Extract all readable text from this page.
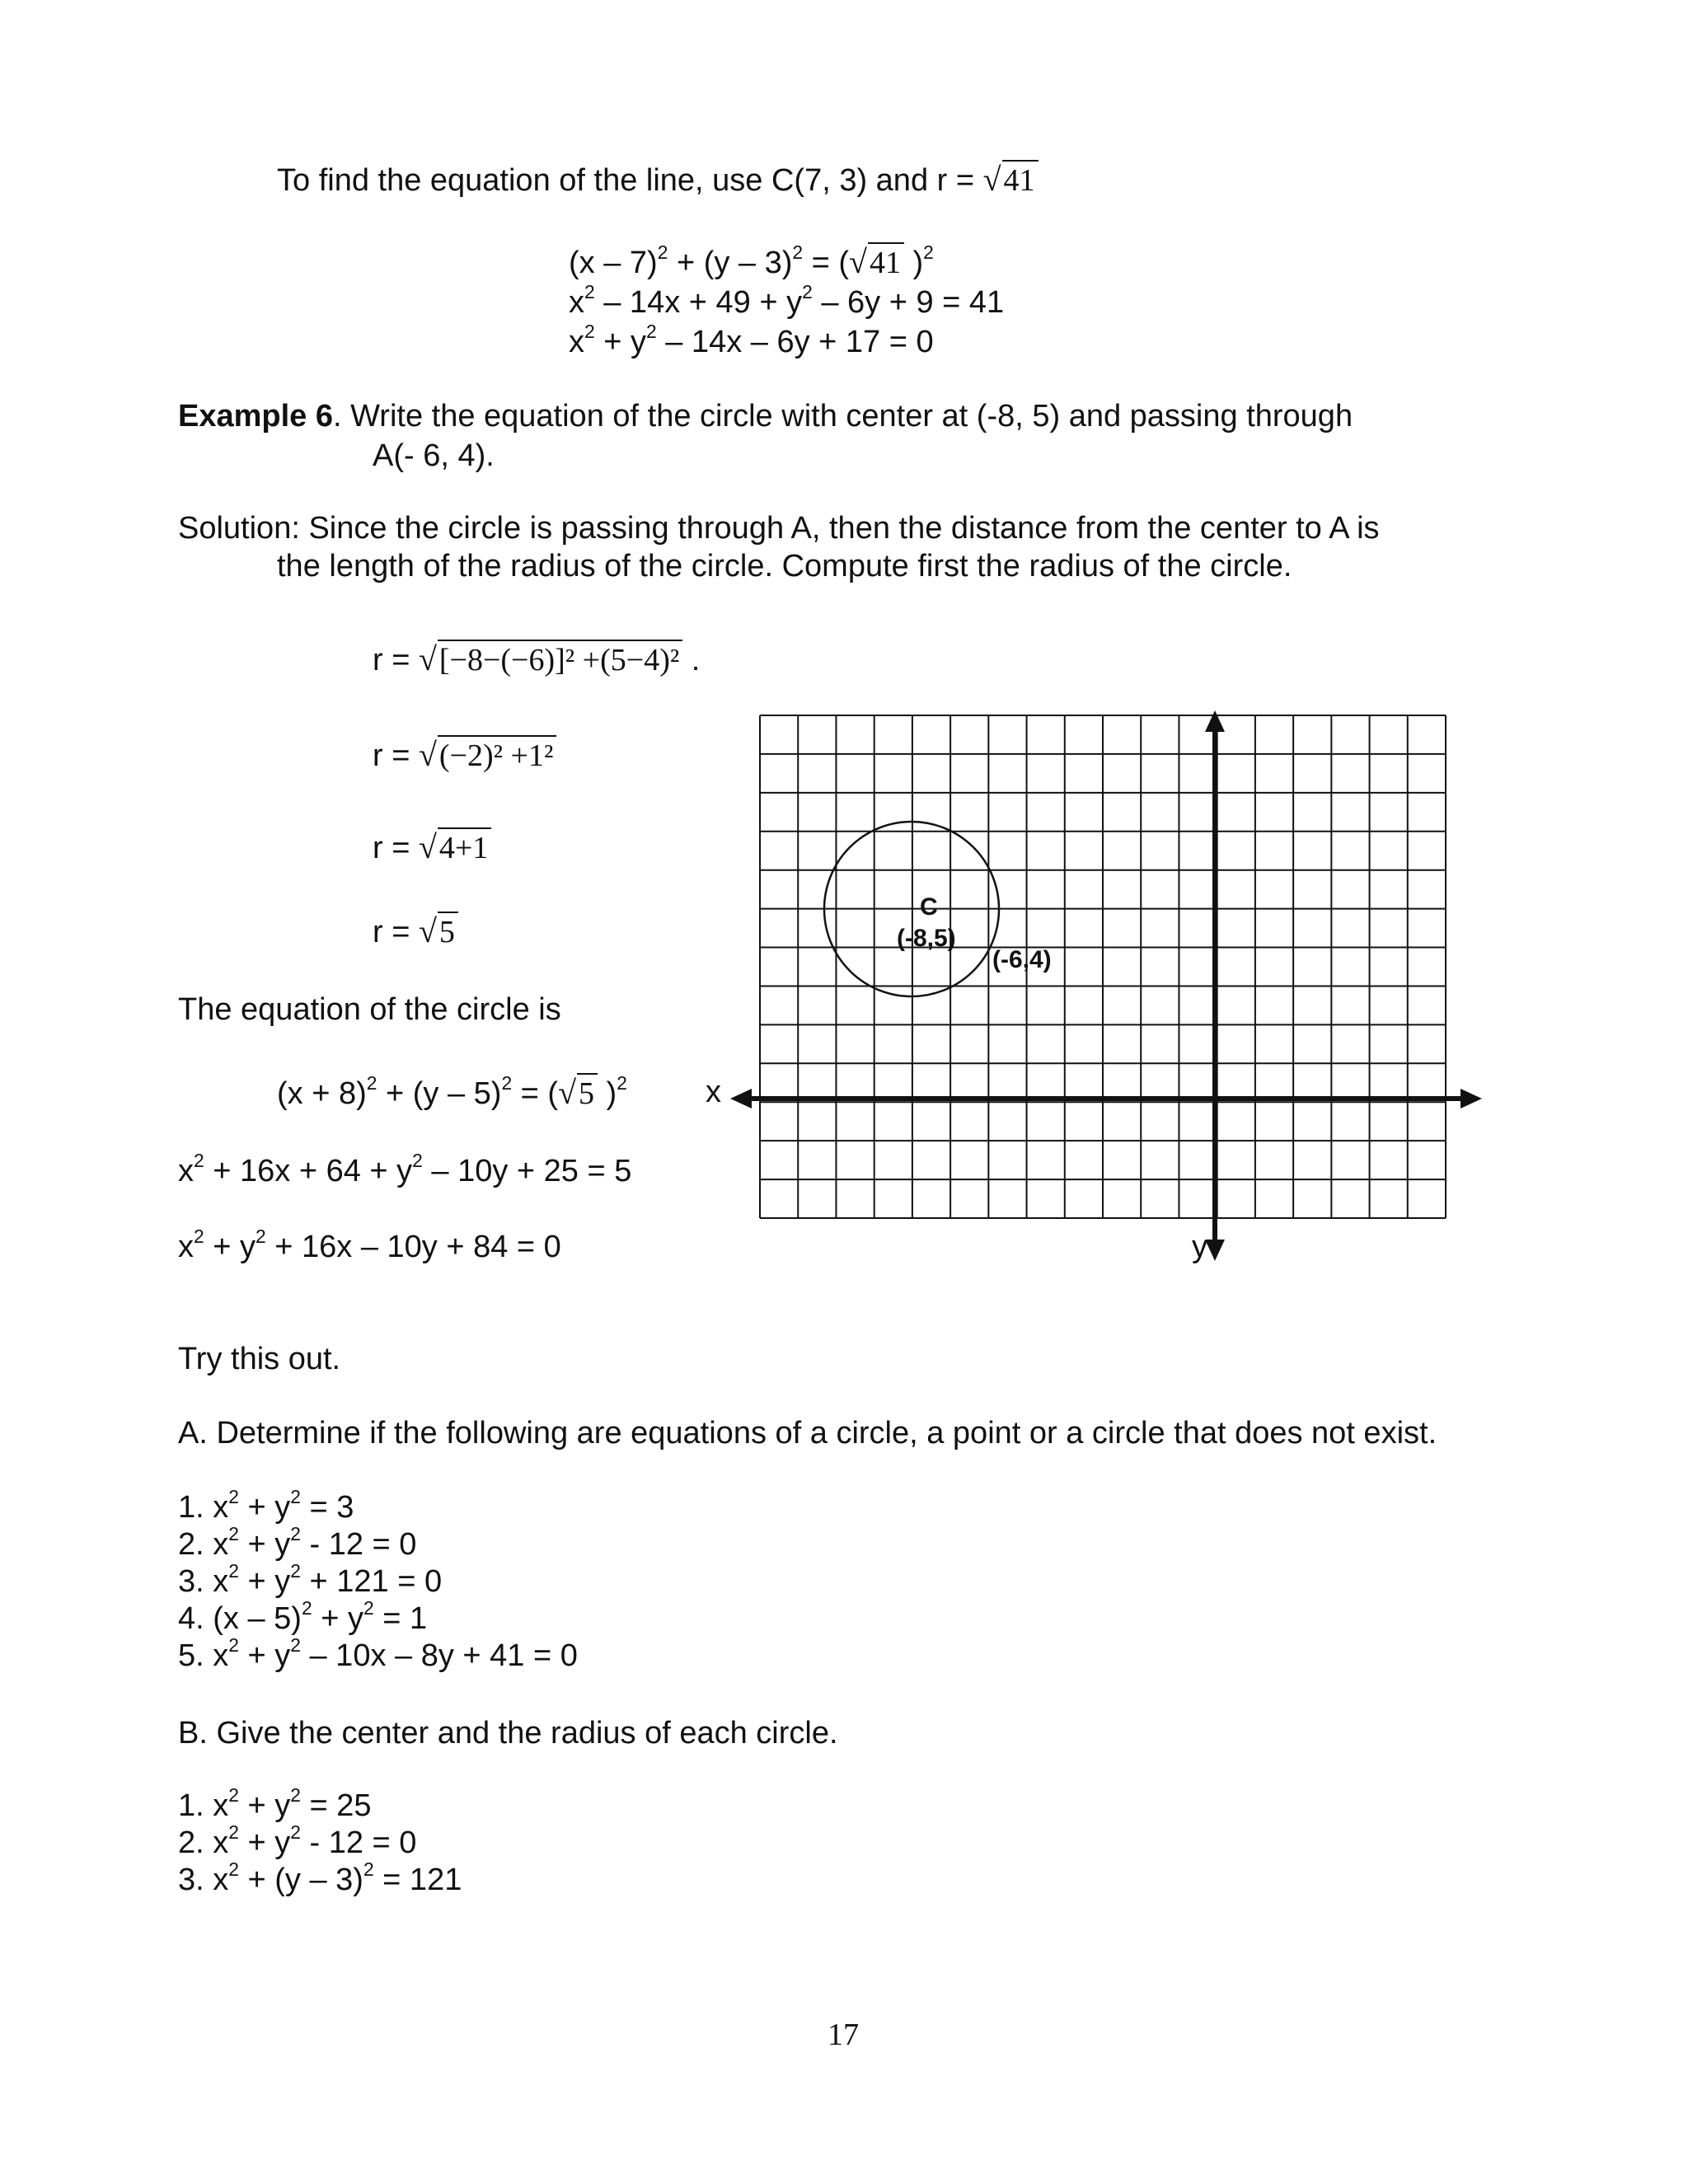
To find the equation of the line, use C(7, 3) and r = √41
(x – 7)$^2$ + (y – 3)$^2$ = (√41 )$^2$
$x^2 - 14x + 49 + y^2 - 6y + 9 = 41$
$x^2 + y^2 - 14x - 6y + 17 = 0$
Example 6. Write the equation of the circle with center at (-8, 5) and passing through
A(- 6, 4).
Solution: Since the circle is passing through A, then the distance from the center to A is
the length of the radius of the circle. Compute first the radius of the circle.
r = √[−8−(−6)]² +(5−4)² .
r = √(−2)² +1²
r = √4+1
r = √5
The equation of the circle is
$(x + 8)^2 + (y - 5)^2 = (√5$ )$^2$
$x^2 + 16x + 64 + y^2 - 10y + 25 = 5$
$x^2 + y^2 + 16x - 10y + 84 = 0$
C
(-8,5)
(-6,4)
x
y
Try this out.
A. Determine if the following are equations of a circle, a point or a circle that does not exist.
1. $x^2 + y^2 = 3$
2. $x^2 + y^2 - 12 = 0$
3. $x^2 + y^2 + 121 = 0$
4. $(x - 5)^2 + y^2 = 1$
5. $x^2 + y^2 - 10x - 8y + 41 = 0$
B. Give the center and the radius of each circle.
1. $x^2 + y^2 = 25$
2. $x^2 + y^2 - 12 = 0$
3. $x^2 + (y - 3)^2 = 121$
17
